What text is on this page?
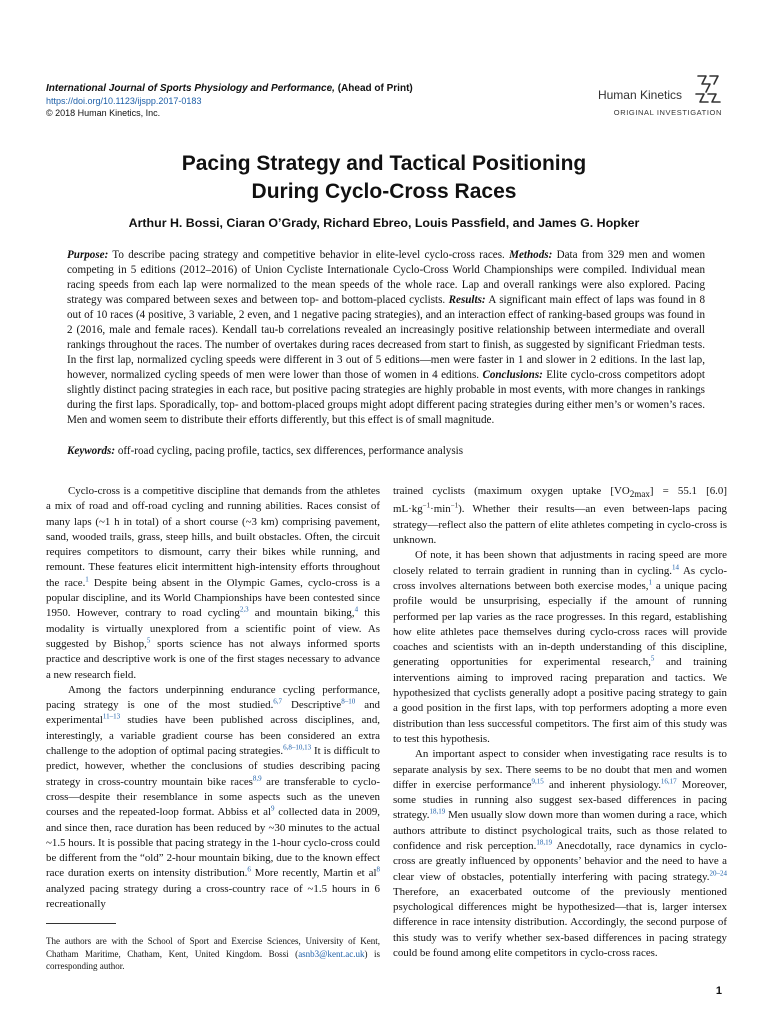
International Journal of Sports Physiology and Performance, (Ahead of Print)
https://doi.org/10.1123/ijspp.2017-0183
© 2018 Human Kinetics, Inc.
Human Kinetics
ORIGINAL INVESTIGATION
Pacing Strategy and Tactical Positioning
During Cyclo-Cross Races
Arthur H. Bossi, Ciaran O’Grady, Richard Ebreo, Louis Passfield, and James G. Hopker
Purpose: To describe pacing strategy and competitive behavior in elite-level cyclo-cross races. Methods: Data from 329 men and women competing in 5 editions (2012–2016) of Union Cycliste Internationale Cyclo-Cross World Championships were compiled. Individual mean racing speeds from each lap were normalized to the mean speeds of the whole race. Lap and overall rankings were also explored. Pacing strategy was compared between sexes and between top- and bottom-placed cyclists. Results: A significant main effect of laps was found in 8 out of 10 races (4 positive, 3 variable, 2 even, and 1 negative pacing strategies), and an interaction effect of ranking-based groups was found in 2 (2016, male and female races). Kendall tau-b correlations revealed an increasingly positive relationship between intermediate and overall rankings throughout the races. The number of overtakes during races decreased from start to finish, as suggested by significant Friedman tests. In the first lap, normalized cycling speeds were different in 3 out of 5 editions—men were faster in 1 and slower in 2 editions. In the last lap, however, normalized cycling speeds of men were lower than those of women in 4 editions. Conclusions: Elite cyclo-cross competitors adopt slightly distinct pacing strategies in each race, but positive pacing strategies are highly probable in most events, with more changes in rankings during the first laps. Sporadically, top- and bottom-placed groups might adopt different pacing strategies during either men’s or women’s races. Men and women seem to distribute their efforts differently, but this effect is of small magnitude.
Keywords: off-road cycling, pacing profile, tactics, sex differences, performance analysis

Cyclo-cross is a competitive discipline that demands from the athletes a mix of road and off-road cycling and running abilities. Races consist of many laps (~1 h in total) of a short course (~3 km) comprising pavement, sand, wooded trails, grass, steep hills, and built obstacles. Often, the circuit requires competitors to dismount, carry their bikes while running, and remount. These features elicit intermittent high-intensity efforts throughout the race.$^1$ Despite being absent in the Olympic Games, cyclo-cross is a popular discipline, and its World Championships have been contested since 1950. However, contrary to road cycling$^{2,3}$ and mountain biking,$^4$ this modality is virtually unexplored from a scientific point of view. As suggested by Bishop,$^5$ sports science has not always informed sports practice and descriptive work is one of the first stages necessary to advance a new research field.

Among the factors underpinning endurance cycling performance, pacing strategy is one of the most studied.$^{6,7}$ Descriptive$^{8-10}$ and experimental$^{11-13}$ studies have been published across disciplines, and, interestingly, a variable gradient course has been considered an extra challenge to the adoption of optimal pacing strategies.$^{6,8-10,13}$ It is difficult to predict, however, whether the conclusions of studies describing pacing strategy in cross-country mountain bike races$^{8,9}$ are transferable to cyclo-cross—despite their resemblance in some aspects such as the uneven courses and the repeated-loop format. Abbiss et $al^9$ collected data in 2009, and since then, race duration has been reduced by ~30 minutes to the actual ~1.5 hours. It is possible that pacing strategy in the 1-hour cyclo-cross could be different from the “old” 2-hour mountain biking, due to the known effect race duration exerts on intensity distribution.$^6$ More recently, Martin et $al^8$ analyzed pacing strategy during a cross-country race of ~1.5 hours in 6 recreationally

trained cyclists (maximum oxygen uptake $[VO_{2max}] = 55.1$ [6.0] $mL\cdot kg^{-1}\cdot\min^{-1}$). Whether their results—an even between-laps pacing strategy—reflect also the pattern of elite athletes competing in cyclo-cross is unknown.

Of note, it has been shown that adjustments in racing speed are more closely related to terrain gradient in running than in cycling.$^{14}$ As cyclo-cross involves alternations between both exercise modes,$^1$ a unique pacing profile would be unsurprising, especially if the amount of running performed per lap varies as the race progresses. In this regard, establishing how elite athletes pace themselves during cyclo-cross races will provide coaches and scientists with an in-depth understanding of this discipline, generating opportunities for experimental research,$^5$ and training interventions aiming to improved racing preparation and tactics. We hypothesized that cyclists generally adopt a positive pacing strategy to gain a good position in the first laps, with top performers adopting a more even distribution than less successful competitors. The first aim of this study was to test this hypothesis.

An important aspect to consider when investigating race results is to separate analysis by sex. There seems to be no doubt that men and women differ in exercise performance$^{9,15}$ and inherent physiology.$^{16,17}$ Moreover, some studies in running also suggest sex-based differences in pacing strategy.$^{18,19}$ Men usually slow down more than women during a race, which authors attribute to distinct psychological traits, such as those related to confidence and risk perception.$^{18,19}$ Anecdotally, race dynamics in cyclo-cross are greatly influenced by opponents’ behavior and the need to have a clear view of obstacles, potentially interfering with pacing strategy.$^{20-24}$ Therefore, an exacerbated outcome of the previously mentioned psychological differences might be hypothesized—that is, larger intersex difference in race intensity distribution. Accordingly, the second purpose of this study was to verify whether sex-based differences in pacing strategy could be found among elite competitors in cyclo-cross races.

The authors are with the School of Sport and Exercise Sciences, University of Kent, Chatham Maritime, Chatham, Kent, United Kingdom. Bossi (asnb3@kent.ac.uk) is corresponding author.
1
